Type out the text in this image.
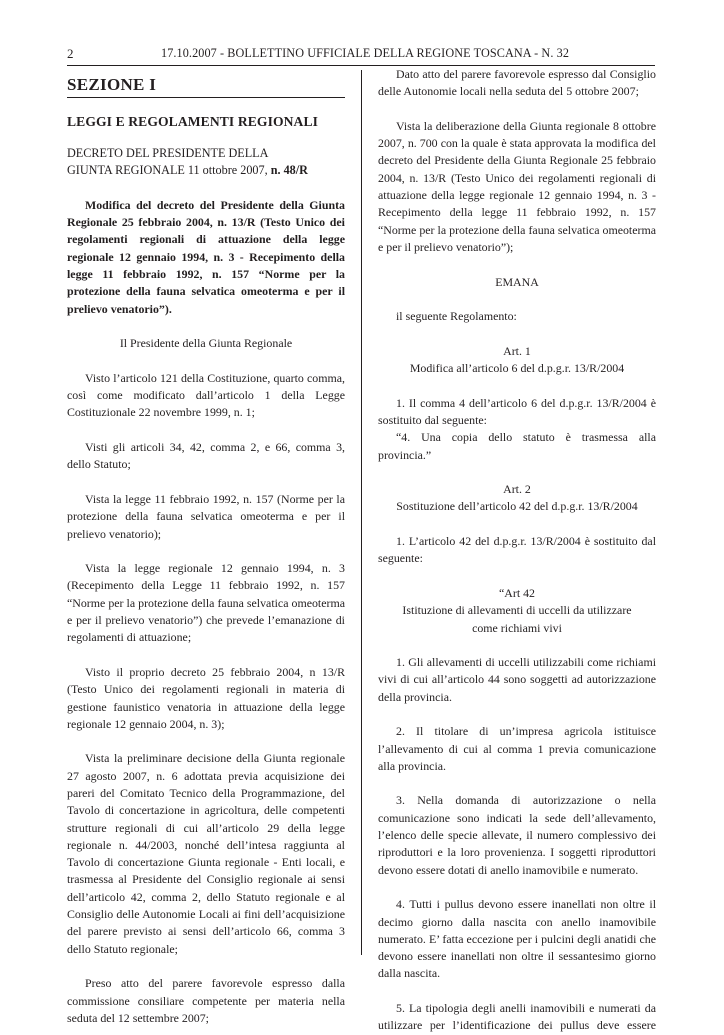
2	17.10.2007 - BOLLETTINO UFFICIALE DELLA REGIONE TOSCANA - N. 32
SEZIONE I
LEGGI E REGOLAMENTI REGIONALI
DECRETO DEL PRESIDENTE DELLA
GIUNTA REGIONALE 11 ottobre 2007, n. 48/R

Modifica del decreto del Presidente della Giunta Regionale 25 febbraio 2004, n. 13/R (Testo Unico dei regolamenti regionali di attuazione della legge regionale 12 gennaio 1994, n. 3 - Recepimento della legge 11 febbraio 1992, n. 157 “Norme per la protezione della fauna selvatica omeoterma e per il prelievo venatorio”).

Il Presidente della Giunta Regionale

Visto l’articolo 121 della Costituzione, quarto comma, così come modificato dall’articolo 1 della Legge Costituzionale 22 novembre 1999, n. 1;

Visti gli articoli 34, 42, comma 2, e 66, comma 3, dello Statuto;

Vista la legge 11 febbraio 1992, n. 157 (Norme per la protezione della fauna selvatica omeoterma e per il prelievo venatorio);

Vista la legge regionale 12 gennaio 1994, n. 3 (Recepimento della Legge 11 febbraio 1992, n. 157 “Norme per la protezione della fauna selvatica omeoterma e per il prelievo venatorio”) che prevede l’emanazione di regolamenti di attuazione;

Visto il proprio decreto 25 febbraio 2004, n 13/R (Testo Unico dei regolamenti regionali in materia di gestione faunistico venatoria in attuazione della legge regionale 12 gennaio 2004, n. 3);

Vista la preliminare decisione della Giunta regionale 27 agosto 2007, n. 6 adottata previa acquisizione dei pareri del Comitato Tecnico della Programmazione, del Tavolo di concertazione in agricoltura, delle competenti strutture regionali di cui all’articolo 29 della legge regionale n. 44/2003, nonché dell’intesa raggiunta al Tavolo di concertazione Giunta regionale - Enti locali, e trasmessa al Presidente del Consiglio regionale ai sensi dell’articolo 42, comma 2, dello Statuto regionale e al Consiglio delle Autonomie Locali ai fini dell’acquisizione del parere previsto ai sensi dell’articolo 66, comma 3 dello Statuto regionale;

Preso atto del parere favorevole espresso dalla commissione consiliare competente per materia nella seduta del 12 settembre 2007;

Dato atto del parere favorevole espresso dal Consiglio delle Autonomie locali nella seduta del 5 ottobre 2007;

Vista la deliberazione della Giunta regionale 8 ottobre 2007, n. 700 con la quale è stata approvata la modifica del decreto del Presidente della Giunta Regionale 25 febbraio 2004, n. 13/R (Testo Unico dei regolamenti regionali di attuazione della legge regionale 12 gennaio 1994, n. 3 - Recepimento della legge 11 febbraio 1992, n. 157 “Norme per la protezione della fauna selvatica omeoterma e per il prelievo venatorio”);

EMANA

il seguente Regolamento:

Art. 1

Modifica all’articolo 6 del d.p.g.r. 13/R/2004

1. Il comma 4 dell’articolo 6 del d.p.g.r. 13/R/2004 è sostituito dal seguente:

“4. Una copia dello statuto è trasmessa alla provincia.”

Art. 2

Sostituzione dell’articolo 42 del d.p.g.r. 13/R/2004

1. L’articolo 42 del d.p.g.r. 13/R/2004 è sostituito dal seguente:

“Art 42

Istituzione di allevamenti di uccelli da utilizzare

come richiami vivi

1. Gli allevamenti di uccelli utilizzabili come richiami vivi di cui all’articolo 44 sono soggetti ad autorizzazione della provincia.

2. Il titolare di un’impresa agricola istituisce l’allevamento di cui al comma 1 previa comunicazione alla provincia.

3. Nella domanda di autorizzazione o nella comunicazione sono indicati la sede dell’allevamento, l’elenco delle specie allevate, il numero complessivo dei riproduttori e la loro provenienza. I soggetti riproduttori devono essere dotati di anello inamovibile e numerato.

4. Tutti i pullus devono essere inanellati non oltre il decimo giorno dalla nascita con anello inamovibile numerato. E’ fatta eccezione per i pulcini degli anatidi che devono essere inanellati non oltre il sessantesimo giorno dalla nascita.

5. La tipologia degli anelli inamovibili e numerati da utilizzare per l’identificazione dei pullus deve essere
